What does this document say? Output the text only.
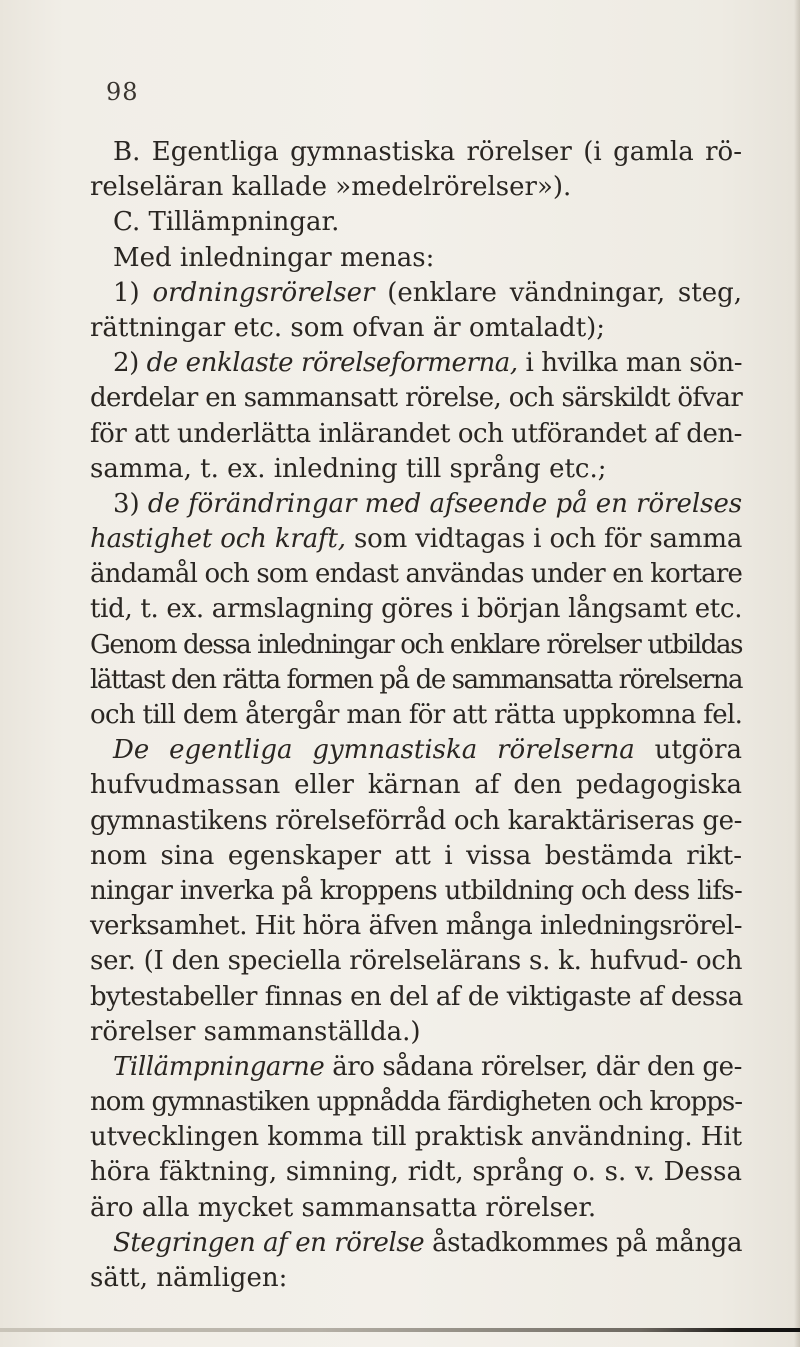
98
B. Egentliga gymnastiska rörelser (i gamla rö-
relseläran kallade »medelrörelser»).
C. Tillämpningar.
Med inledningar menas:
1) ordningsrörelser (enklare vändningar, steg,
rättningar etc. som ofvan är omtaladt);
2) de enklaste rörelseformerna, i hvilka man sön-
derdelar en sammansatt rörelse, och särskildt öfvar
för att underlätta inlärandet och utförandet af den-
samma, t. ex. inledning till språng etc.;
3) de förändringar med afseende på en rörelses
hastighet och kraft, som vidtagas i och för samma
ändamål och som endast användas under en kortare
tid, t. ex. armslagning göres i början långsamt etc.
Genom dessa inledningar och enklare rörelser utbildas
lättast den rätta formen på de sammansatta rörelserna
och till dem återgår man för att rätta uppkomna fel.
De egentliga gymnastiska rörelserna utgöra
hufvudmassan eller kärnan af den pedagogiska
gymnastikens rörelseförråd och karaktäriseras ge-
nom sina egenskaper att i vissa bestämda rikt-
ningar inverka på kroppens utbildning och dess lifs-
verksamhet. Hit höra äfven många inledningsrörel-
ser. (I den speciella rörelselärans s. k. hufvud- och
bytestabeller finnas en del af de viktigaste af dessa
rörelser sammanställda.)
Tillämpningarne äro sådana rörelser, där den ge-
nom gymnastiken uppnådda färdigheten och kropps-
utvecklingen komma till praktisk användning. Hit
höra fäktning, simning, ridt, språng o. s. v. Dessa
äro alla mycket sammansatta rörelser.
Stegringen af en rörelse åstadkommes på många
sätt, nämligen:
